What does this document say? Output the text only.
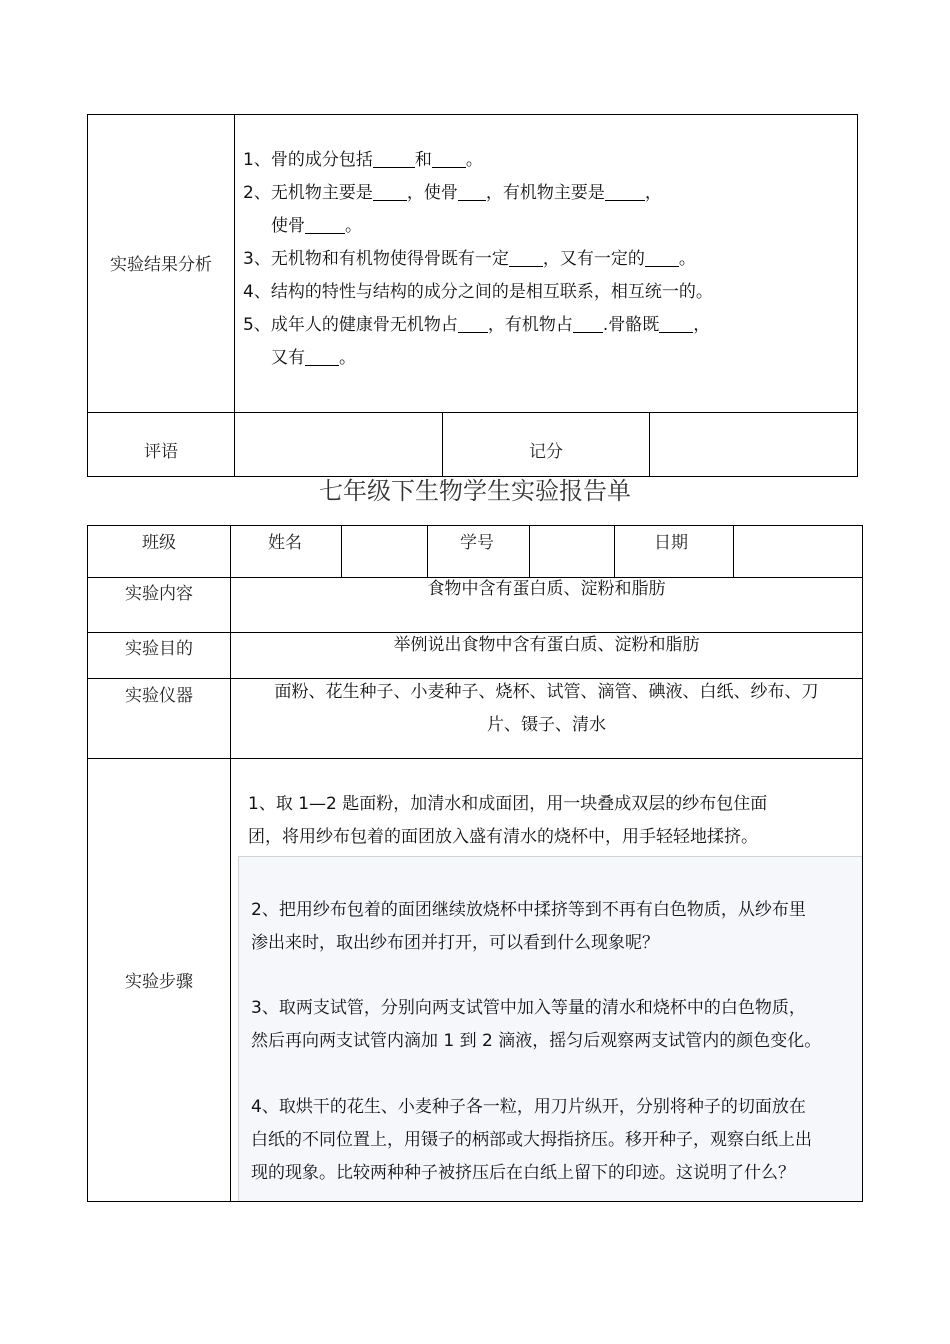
实验结果分析
1、骨的成分包括 和 。
2、无机物主要是 ，使骨 ，有机物主要是 ，
使骨 。
3、无机物和有机物使得骨既有一定 ，又有一定的 。
4、结构的特性与结构的成分之间的是相互联系，相互统一的。
5、成年人的健康骨无机物占 ，有机物占 .骨骼既 ，
又有 。
评语	记分
七年级下生物学生实验报告单
班级	姓名	学号	日期
实验内容	食物中含有蛋白质、淀粉和脂肪
实验目的	举例说出食物中含有蛋白质、淀粉和脂肪
实验仪器	面粉、花生种子、小麦种子、烧杯、试管、滴管、碘液、白纸、纱布、刀
片、镊子、清水
实验步骤
1、取 1—2 匙面粉，加清水和成面团，用一块叠成双层的纱布包住面
团，将用纱布包着的面团放入盛有清水的烧杯中，用手轻轻地揉挤。
2、把用纱布包着的面团继续放烧杯中揉挤等到不再有白色物质，从纱布里
渗出来时，取出纱布团并打开，可以看到什么现象呢？
3、取两支试管，分别向两支试管中加入等量的清水和烧杯中的白色物质，
然后再向两支试管内滴加 1 到 2 滴液，摇匀后观察两支试管内的颜色变化。
4、取烘干的花生、小麦种子各一粒，用刀片纵开，分别将种子的切面放在
白纸的不同位置上，用镊子的柄部或大拇指挤压。移开种子，观察白纸上出
现的现象。比较两种种子被挤压后在白纸上留下的印迹。这说明了什么？
